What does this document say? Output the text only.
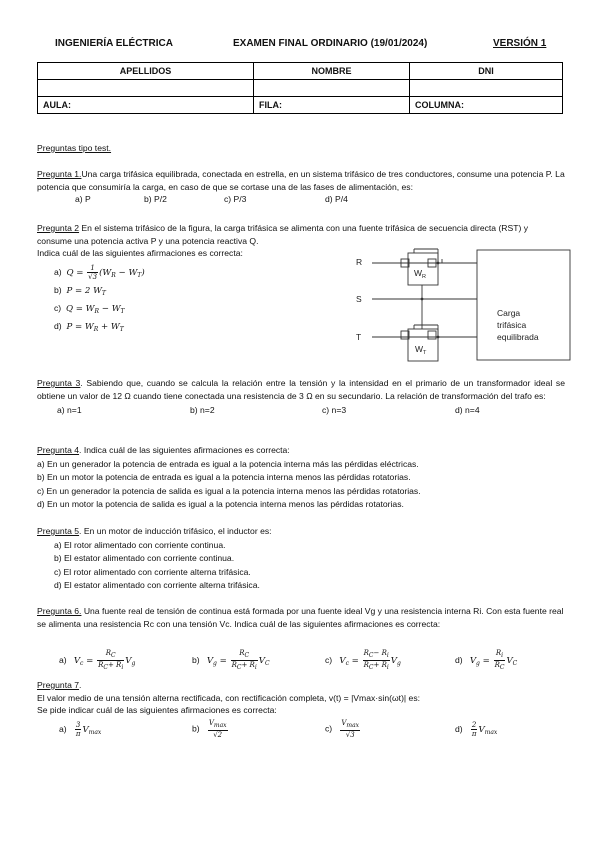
INGENIERÍA ELÉCTRICA	EXAMEN FINAL ORDINARIO (19/01/2024)	VERSIÓN 1
APELLIDOS	NOMBRE	DNI

AULA:	FILA:	COLUMNA:
Preguntas tipo test.
Pregunta 1.Una carga trifásica equilibrada, conectada en estrella, en un sistema trifásico de tres conductores, consume una potencia P. La potencia que consumiría la carga, en caso de que se cortase una de las fases de alimentación, es:
a) P	b) P/2	c) P/3	d) P/4
Pregunta 2 En el sistema trifásico de la figura, la carga trifásica se alimenta con una fuente trifásica de secuencia directa (RST) y consume una potencia activa P y una potencia reactiva Q.
Indica cuál de las siguientes afirmaciones es correcta:
a) $Q = \frac{1}{√3} (W_R - W_T)$
b) P = 2 $W_T$
c) $Q = W_R - W_T$
d) $P = W_R + W_T$
R
S
T
$W_R$
$W_T$
Carga
trifásica
equilibrada
Pregunta 3. Sabiendo que, cuando se calcula la relación entre la tensión y la intensidad en el primario de un transformador ideal se obtiene un valor de 12 Ω cuando tiene conectada una resistencia de 3 Ω en su secundario. La relación de transformación del trafo es:
a) n=1	b) n=2	c) n=3	d) n=4
Pregunta 4. Indica cuál de las siguientes afirmaciones es correcta:
a) En un generador la potencia de entrada es igual a la potencia interna más las pérdidas eléctricas.
b) En un motor la potencia de entrada es igual a la potencia interna menos las pérdidas rotatorias.
c) En un generador la potencia de salida es igual a la potencia interna menos las pérdidas rotatorias.
d) En un motor la potencia de salida es igual a la potencia interna menos las pérdidas rotatorias.
Pregunta 5. En un motor de inducción trifásico, el inductor es:
a) El rotor alimentado con corriente continua.
b) El estator alimentado con corriente continua.
c) El rotor alimentado con corriente alterna trifásica.
d) El estator alimentado con corriente alterna trifásica.
Pregunta 6. Una fuente real de tensión de continua está formada por una fuente ideal Vg y una resistencia interna Ri. Con esta fuente real se alimenta una resistencia Rc con una tensión Vc. Indica cuál de las siguientes afirmaciones es correcta:
a) $V_c = \frac{RC}{RC+ Ri} V_g$	b) $V_g = \frac{RC}{RC+ Ri} V_C$	c) $V_c = \frac{RC- Ri}{RC+ Ri} V_g$	d) $V_g = \frac{Ri}{RC} V_C$
Pregunta 7.
El valor medio de una tensión alterna rectificada, con rectificación completa, v(t) = |Vmax·sin(ωt)| es:
Se pide indicar cuál de las siguientes afirmaciones es correcta:
$a) \frac{3}{\pi} V_{max}$	$b) \frac{Vmax}{√2}$	$c) \frac{Vmax}{√3}$	$d) \frac{2}{\pi} V_{max}$
